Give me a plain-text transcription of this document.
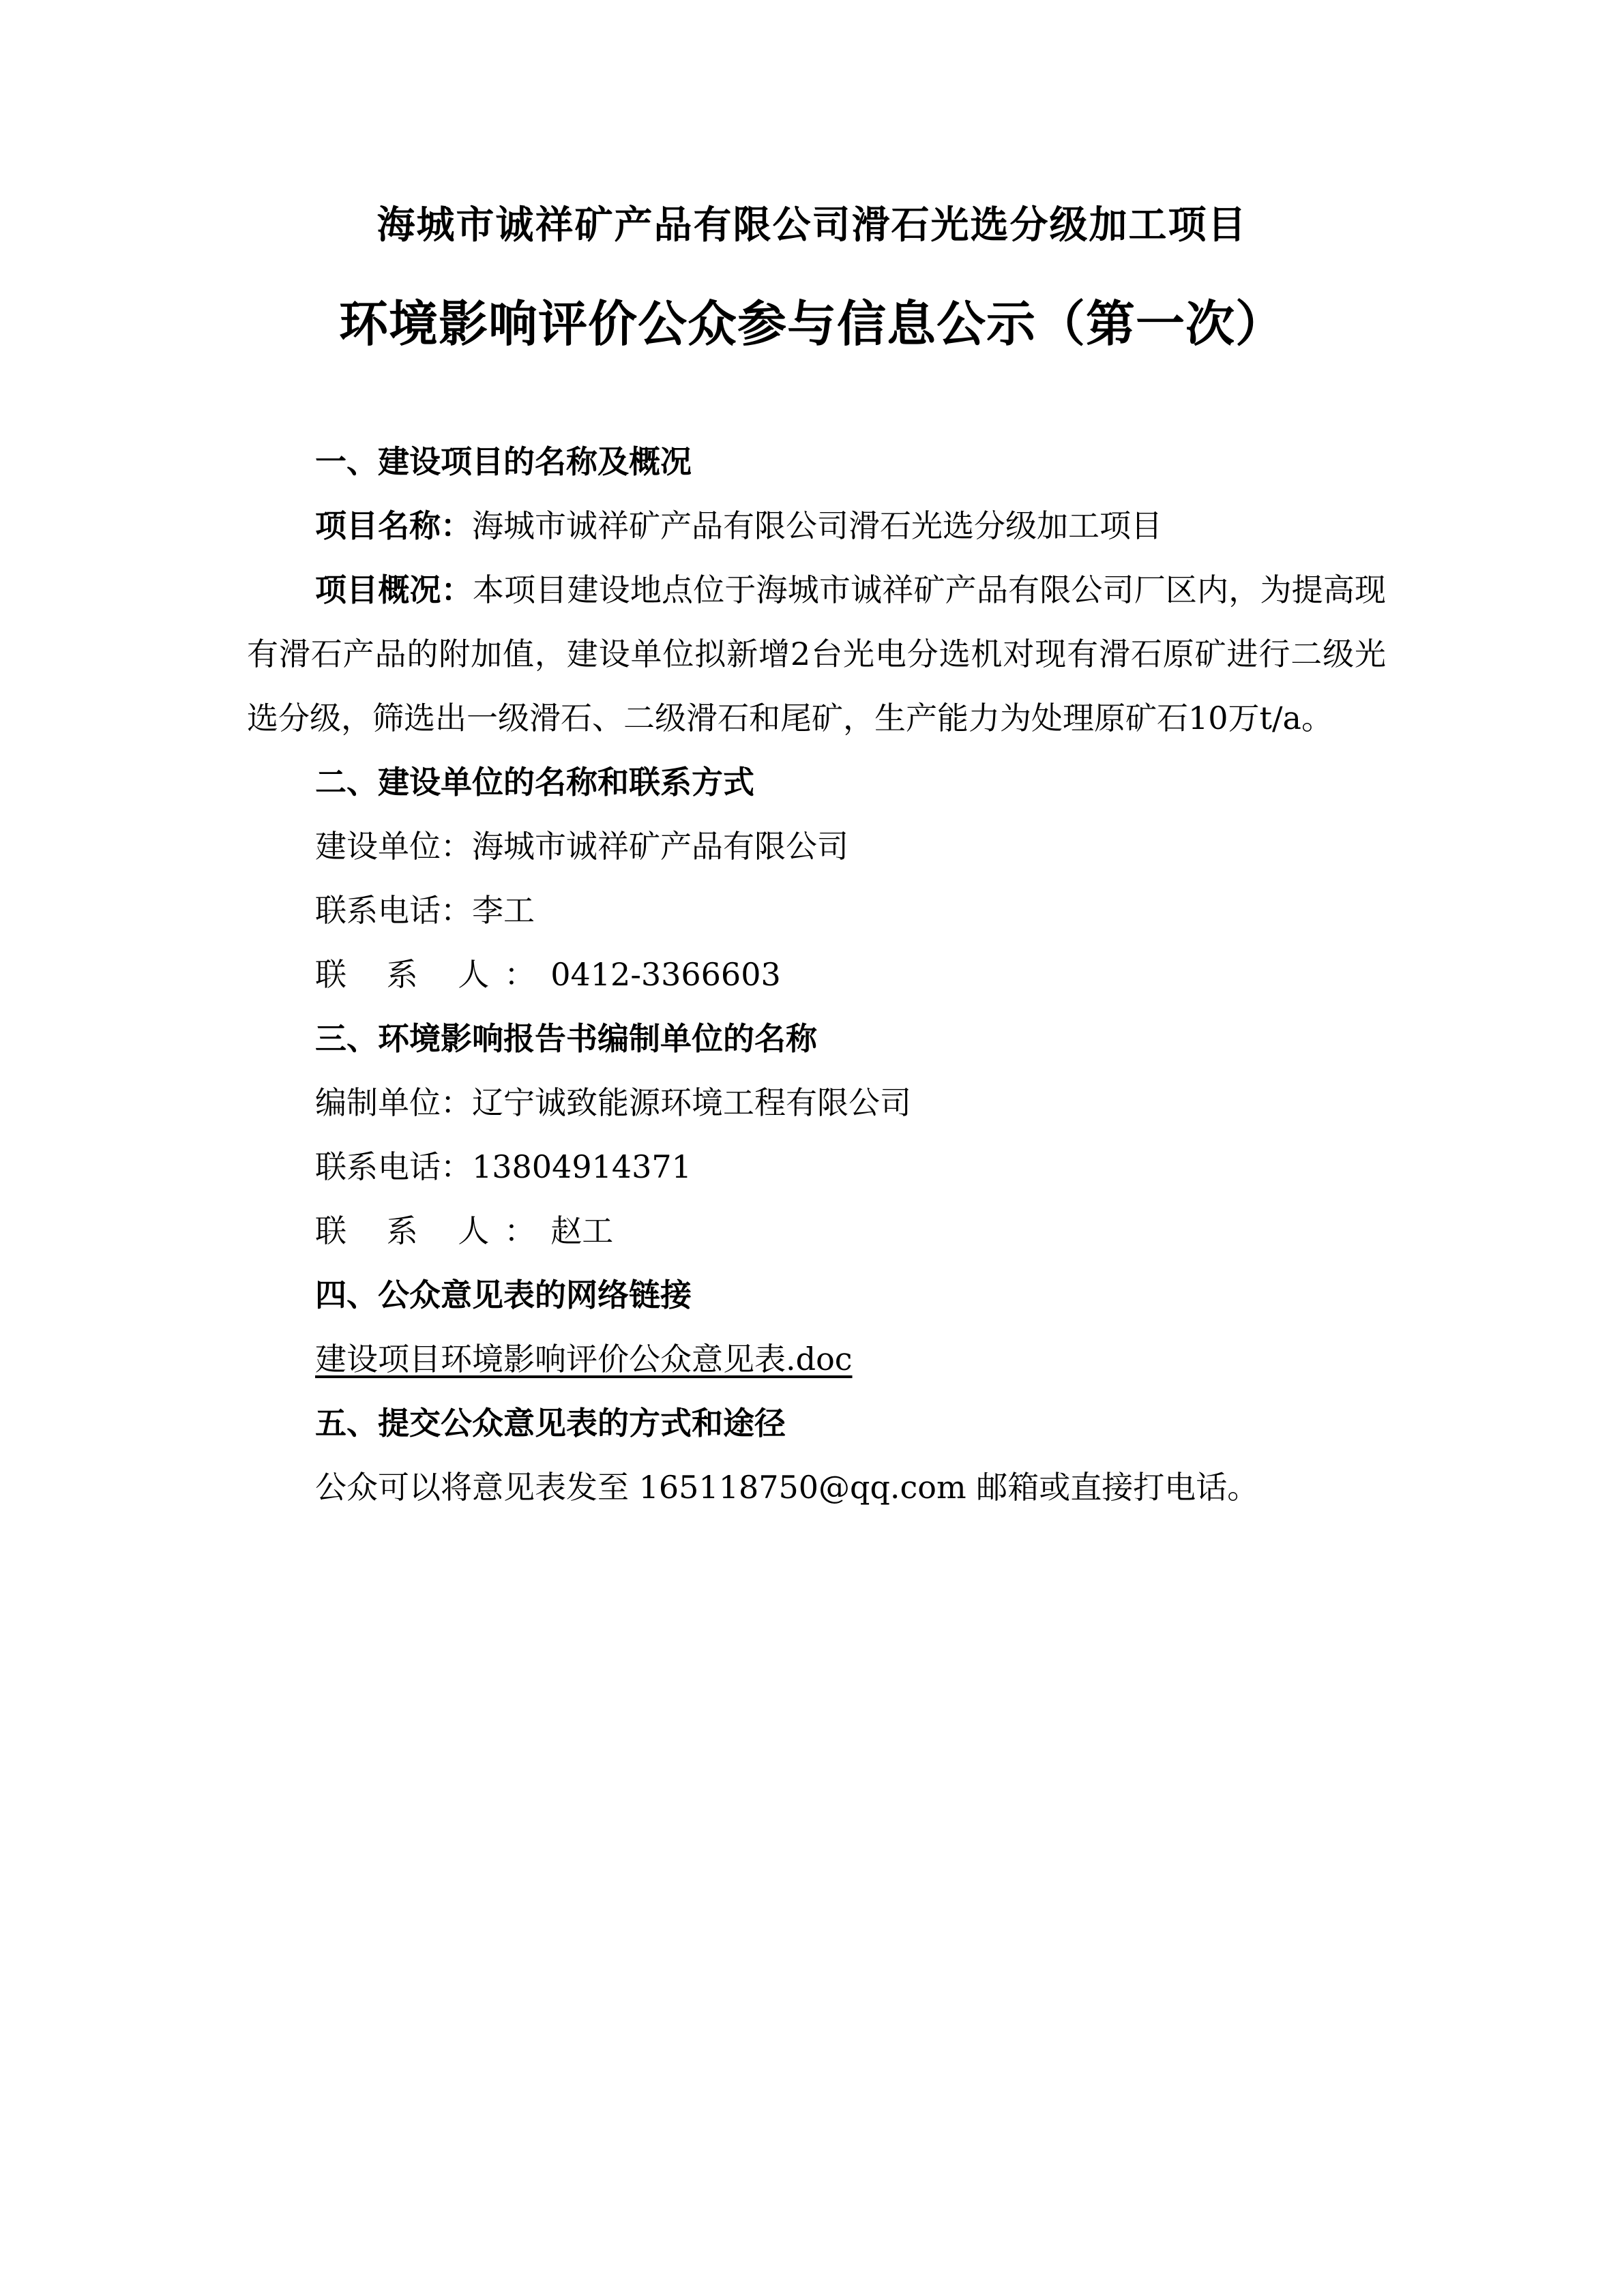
海城市诚祥矿产品有限公司滑石光选分级加工项目
环境影响评价公众参与信息公示（第一次）
一、建设项目的名称及概况
项目名称：海城市诚祥矿产品有限公司滑石光选分级加工项目
项目概况：本项目建设地点位于海城市诚祥矿产品有限公司厂区内，为提高现有滑石产品的附加值，建设单位拟新增2台光电分选机对现有滑石原矿进行二级光选分级，筛选出一级滑石、二级滑石和尾矿，生产能力为处理原矿石10万t/a。
二、建设单位的名称和联系方式
建设单位：海城市诚祥矿产品有限公司
联系电话：李工
联 系 人：0412-3366603
三、环境影响报告书编制单位的名称
编制单位：辽宁诚致能源环境工程有限公司
联系电话：13804914371
联 系 人：赵工
四、公众意见表的网络链接
建设项目环境影响评价公众意见表.doc
五、提交公众意见表的方式和途径
公众可以将意见表发至 165118750@qq.com 邮箱或直接打电话。
